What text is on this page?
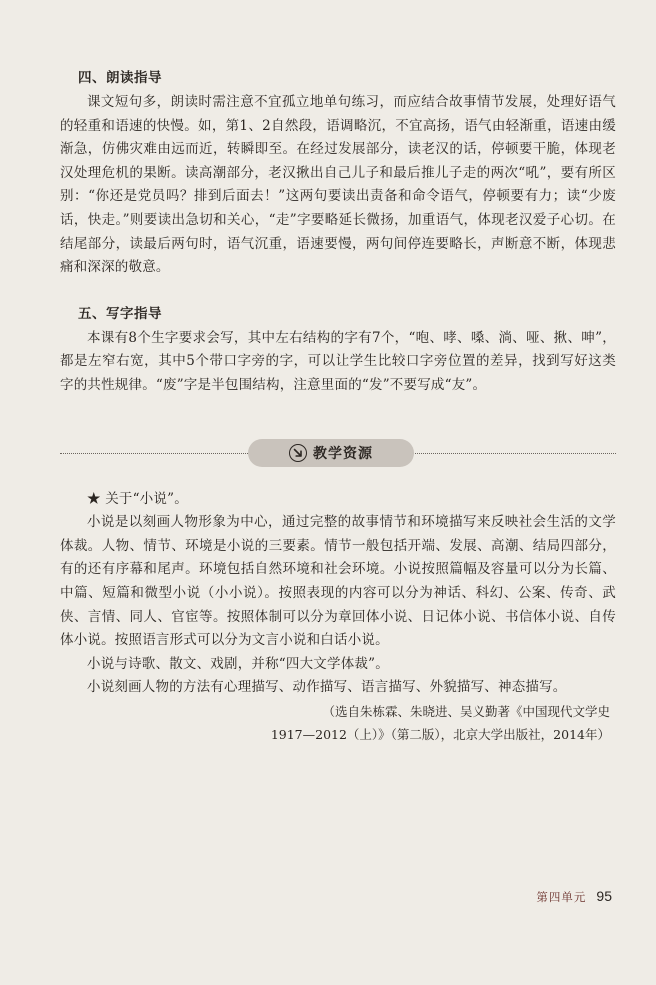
四、朗读指导

课文短句多，朗读时需注意不宜孤立地单句练习，而应结合故事情节发展，处理好语气的轻重和语速的快慢。如，第1、2自然段，语调略沉，不宜高扬，语气由轻渐重，语速由缓渐急，仿佛灾难由远而近，转瞬即至。在经过发展部分，读老汉的话，停顿要干脆，体现老汉处理危机的果断。读高潮部分，老汉揪出自己儿子和最后推儿子走的两次“吼”，要有所区别：“你还是党员吗？排到后面去！”这两句要读出责备和命令语气，停顿要有力；读“少废话，快走。”则要读出急切和关心，“走”字要略延长微扬，加重语气，体现老汉爱子心切。在结尾部分，读最后两句时，语气沉重，语速要慢，两句间停连要略长，声断意不断，体现悲痛和深深的敬意。

五、写字指导

本课有8个生字要求会写，其中左右结构的字有7个，“咆、哮、嗓、淌、哑、揪、呻”，都是左窄右宽，其中5个带口字旁的字，可以让学生比较口字旁位置的差异，找到写好这类字的共性规律。“废”字是半包围结构，注意里面的“发”不要写成“友”。

教学资源

★ 关于“小说”。

小说是以刻画人物形象为中心，通过完整的故事情节和环境描写来反映社会生活的文学体裁。人物、情节、环境是小说的三要素。情节一般包括开端、发展、高潮、结局四部分，有的还有序幕和尾声。环境包括自然环境和社会环境。小说按照篇幅及容量可以分为长篇、中篇、短篇和微型小说（小小说）。按照表现的内容可以分为神话、科幻、公案、传奇、武侠、言情、同人、官宦等。按照体制可以分为章回体小说、日记体小说、书信体小说、自传体小说。按照语言形式可以分为文言小说和白话小说。

小说与诗歌、散文、戏剧，并称“四大文学体裁”。

小说刻画人物的方法有心理描写、动作描写、语言描写、外貌描写、神态描写。

（选自朱栋霖、朱晓进、吴义勤著《中国现代文学史
1917—2012（上）》（第二版），北京大学出版社，2014年）
第四单元 95
